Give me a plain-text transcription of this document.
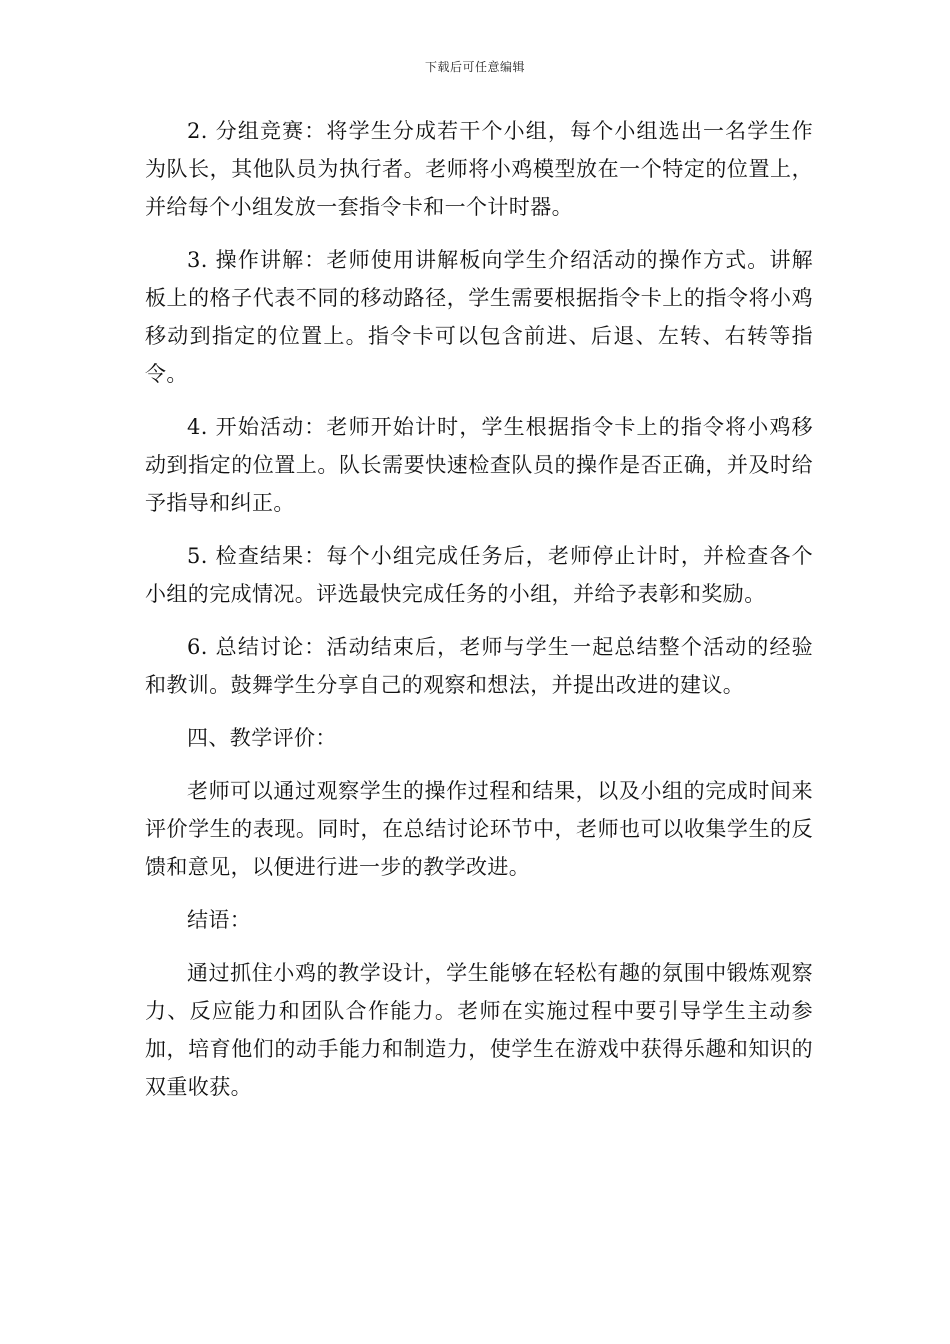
下载后可任意编辑

2. 分组竞赛：将学生分成若干个小组，每个小组选出一名学生作为队长，其他队员为执行者。老师将小鸡模型放在一个特定的位置上，并给每个小组发放一套指令卡和一个计时器。

3. 操作讲解：老师使用讲解板向学生介绍活动的操作方式。讲解板上的格子代表不同的移动路径，学生需要根据指令卡上的指令将小鸡移动到指定的位置上。指令卡可以包含前进、后退、左转、右转等指令。

4. 开始活动：老师开始计时，学生根据指令卡上的指令将小鸡移动到指定的位置上。队长需要快速检查队员的操作是否正确，并及时给予指导和纠正。

5. 检查结果：每个小组完成任务后，老师停止计时，并检查各个小组的完成情况。评选最快完成任务的小组，并给予表彰和奖励。

6. 总结讨论：活动结束后，老师与学生一起总结整个活动的经验和教训。鼓舞学生分享自己的观察和想法，并提出改进的建议。

四、教学评价：

老师可以通过观察学生的操作过程和结果，以及小组的完成时间来评价学生的表现。同时，在总结讨论环节中，老师也可以收集学生的反馈和意见，以便进行进一步的教学改进。

结语：

通过抓住小鸡的教学设计，学生能够在轻松有趣的氛围中锻炼观察力、反应能力和团队合作能力。老师在实施过程中要引导学生主动参加，培育他们的动手能力和制造力，使学生在游戏中获得乐趣和知识的双重收获。
